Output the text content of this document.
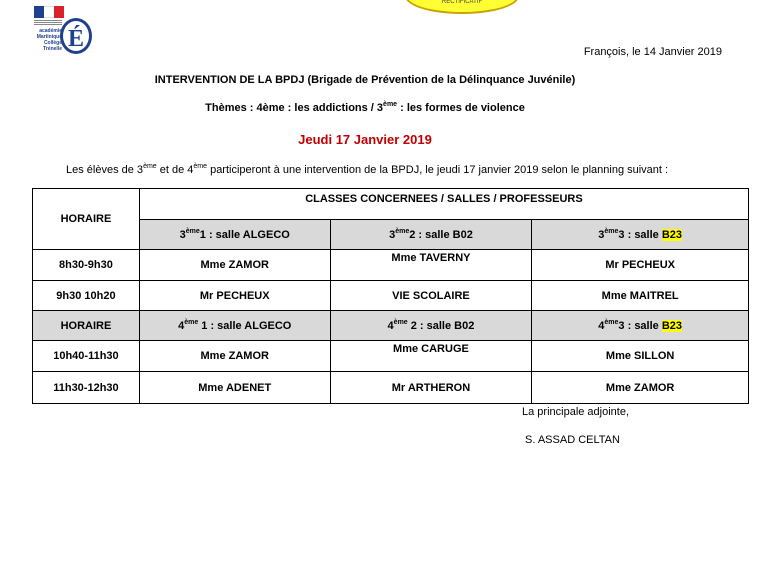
académie
Martinique
Collège Trénelle É
RECTIFICATIF
François, le 14 Janvier 2019
INTERVENTION DE LA BPDJ (Brigade de Prévention de la Délinquance Juvénile)
Thèmes : 4ème : les addictions / 3ème : les formes de violence
Jeudi 17 Janvier 2019
Les élèves de 3ème et de 4ème participeront à une intervention de la BPDJ, le jeudi 17 janvier 2019 selon le planning suivant :
HORAIRE	CLASSES CONCERNEES / SALLES / PROFESSEURS		
	3ème1 : salle ALGECO	3ème2 : salle B02	3ème3 : salle B23
8h30-9h30	Mme ZAMOR	Mme TAVERNY	Mr PECHEUX
9h30 10h20	Mr PECHEUX	VIE SCOLAIRE	Mme MAITREL
HORAIRE	4ème 1 : salle ALGECO	4ème 2 : salle B02	4ème3 : salle B23
10h40-11h30	Mme ZAMOR	Mme CARUGE	Mme SILLON
11h30-12h30	Mme ADENET	Mr ARTHERON	Mme ZAMOR
La principale adjointe,
S. ASSAD CELTAN
